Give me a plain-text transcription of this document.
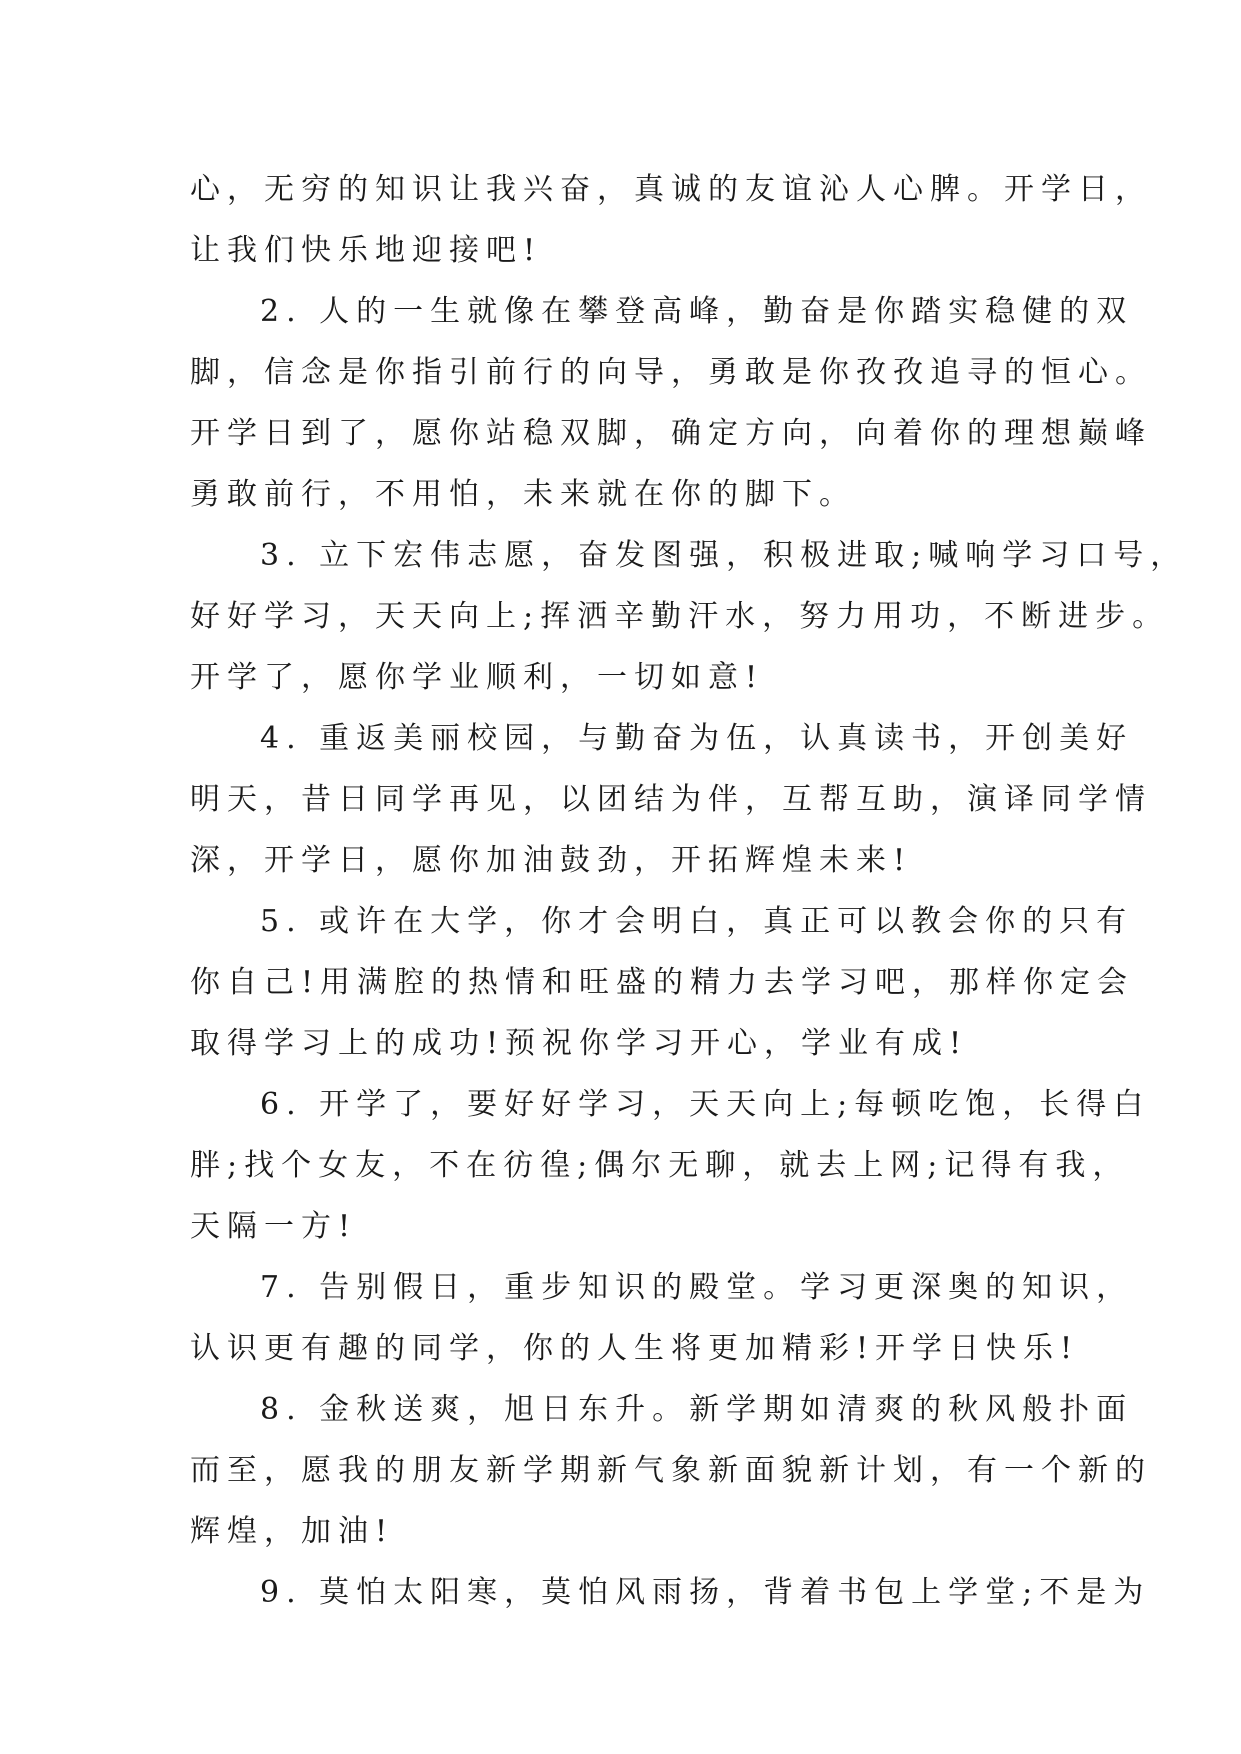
心，无穷的知识让我兴奋，真诚的友谊沁人心脾。开学日，
让我们快乐地迎接吧!
2. 人的一生就像在攀登高峰，勤奋是你踏实稳健的双
脚，信念是你指引前行的向导，勇敢是你孜孜追寻的恒心。
开学日到了，愿你站稳双脚，确定方向，向着你的理想巅峰
勇敢前行，不用怕，未来就在你的脚下。
3. 立下宏伟志愿，奋发图强，积极进取;喊响学习口号，
好好学习，天天向上;挥洒辛勤汗水，努力用功，不断进步。
开学了，愿你学业顺利，一切如意!
4. 重返美丽校园，与勤奋为伍，认真读书，开创美好
明天，昔日同学再见，以团结为伴，互帮互助，演译同学情
深，开学日，愿你加油鼓劲，开拓辉煌未来!
5. 或许在大学，你才会明白，真正可以教会你的只有
你自己!用满腔的热情和旺盛的精力去学习吧，那样你定会
取得学习上的成功!预祝你学习开心，学业有成!
6. 开学了，要好好学习，天天向上;每顿吃饱，长得白
胖;找个女友，不在彷徨;偶尔无聊，就去上网;记得有我，
天隔一方!
7. 告别假日，重步知识的殿堂。学习更深奥的知识，
认识更有趣的同学，你的人生将更加精彩!开学日快乐!
8. 金秋送爽，旭日东升。新学期如清爽的秋风般扑面
而至，愿我的朋友新学期新气象新面貌新计划，有一个新的
辉煌，加油!
9. 莫怕太阳寒，莫怕风雨扬，背着书包上学堂;不是为
